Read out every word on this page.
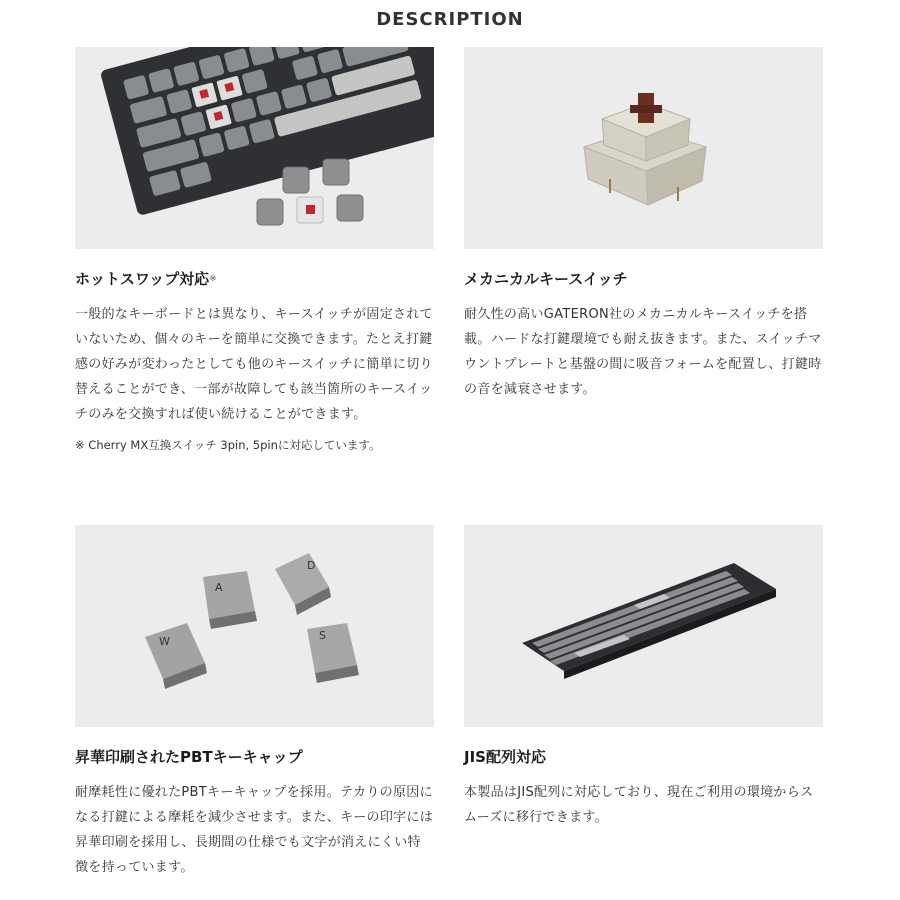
DESCRIPTION
ホットスワップ対応※
一般的なキーボードとは異なり、キースイッチが固定されていないため、個々のキーを簡単に交換できます。たとえ打鍵感の好みが変わったとしても他のキースイッチに簡単に切り替えることができ、一部が故障しても該当箇所のキースイッチのみを交換すれば使い続けることができます。
※ Cherry MX互換スイッチ 3pin, 5pinに対応しています。
メカニカルキースイッチ
耐久性の高いGATERON社のメカニカルキースイッチを搭載。ハードな打鍵環境でも耐え抜きます。また、スイッチマウントプレートと基盤の間に吸音フォームを配置し、打鍵時の音を減衰させます。
A
D
W	S
昇華印刷されたPBTキーキャップ
耐摩耗性に優れたPBTキーキャップを採用。テカりの原因になる打鍵による摩耗を減少させます。また、キーの印字には昇華印刷を採用し、長期間の仕様でも文字が消えにくい特徴を持っています。
JIS配列対応
本製品はJIS配列に対応しており、現在ご利用の環境からスムーズに移行できます。
